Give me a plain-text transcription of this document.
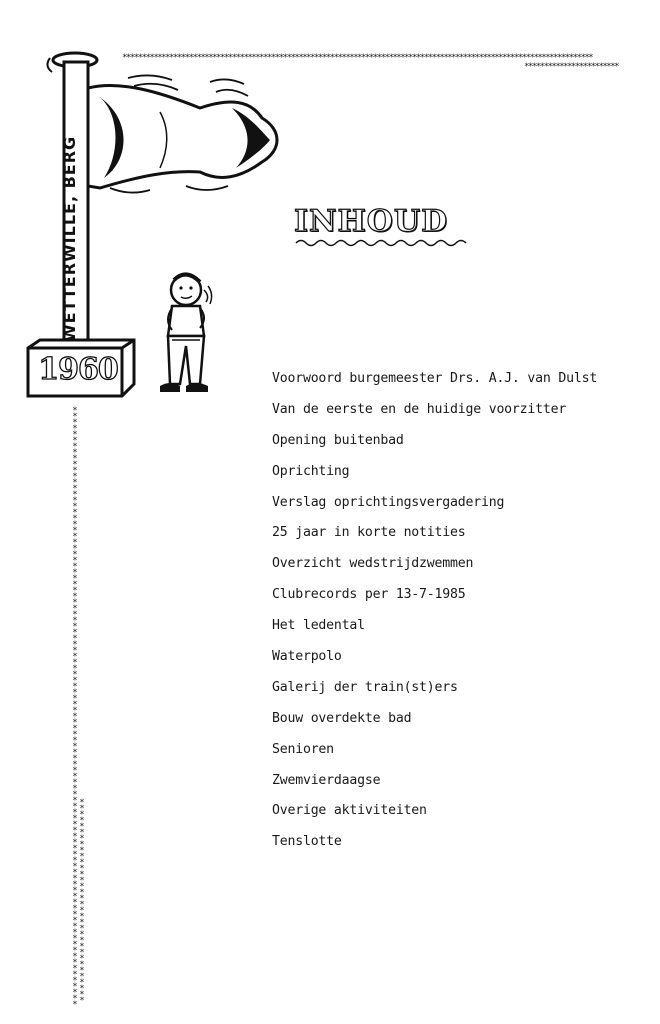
************************************************************************************************************************
************************
****************************************************************************************************
**********************************
WETTERWILLE, BERG
1960
INHOUD
Voorwoord burgemeester Drs. A.J. van Dulst
Van de eerste en de huidige voorzitter
Opening buitenbad
Oprichting
Verslag oprichtingsvergadering
25 jaar in korte notities
Overzicht wedstrijdzwemmen
Clubrecords per 13-7-1985
Het ledental
Waterpolo
Galerij der train(st)ers
Bouw overdekte bad
Senioren
Zwemvierdaagse
Overige aktiviteiten
Tenslotte
